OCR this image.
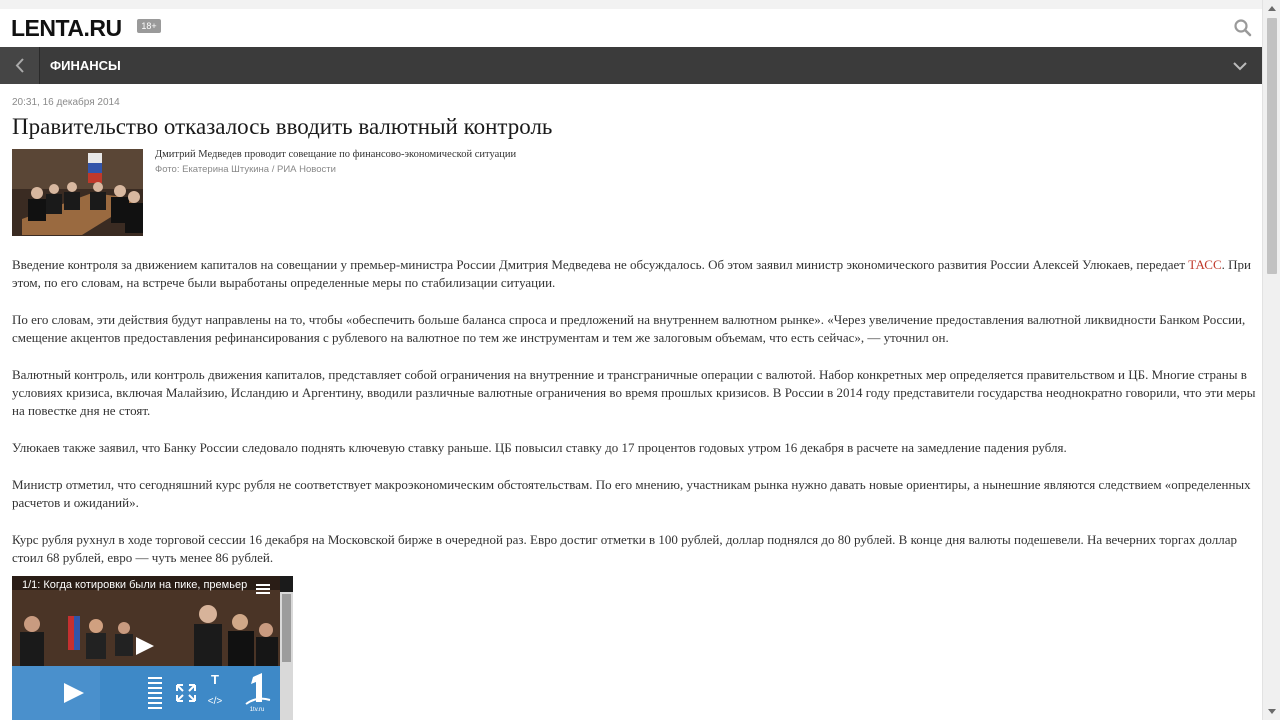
LENTA.RU	18+
ФИНАНСЫ
20:31, 16 декабря 2014
Правительство отказалось вводить валютный контроль
Дмитрий Медведев проводит совещание по финансово-экономической ситуации
Фото: Екатерина Штукина / РИА Новости

Введение контроля за движением капиталов на совещании у премьер-министра России Дмитрия Медведева не обсуждалось. Об этом заявил министр экономического развития России Алексей Улюкаев, передает ТАСС. При этом, по его словам, на встрече были выработаны определенные меры по стабилизации ситуации.

По его словам, эти действия будут направлены на то, чтобы «обеспечить больше баланса спроса и предложений на внутреннем валютном рынке». «Через увеличение предоставления валютной ликвидности Банком России, смещение акцентов предоставления рефинансирования с рублевого на валютное по тем же инструментам и тем же залоговым объемам, что есть сейчас», — уточнил он.

Валютный контроль, или контроль движения капиталов, представляет собой ограничения на внутренние и трансграничные операции с валютой. Набор конкретных мер определяется правительством и ЦБ. Многие страны в условиях кризиса, включая Малайзию, Исландию и Аргентину, вводили различные валютные ограничения во время прошлых кризисов. В России в 2014 году представители государства неоднократно говорили, что эти меры на повестке дня не стоят.

Улюкаев также заявил, что Банку России следовало поднять ключевую ставку раньше. ЦБ повысил ставку до 17 процентов годовых утром 16 декабря в расчете на замедление падения рубля.

Министр отметил, что сегодняшний курс рубля не соответствует макроэкономическим обстоятельствам. По его мнению, участникам рынка нужно давать новые ориентиры, а нынешние являются следствием «определенных расчетов и ожиданий».

Курс рубля рухнул в ходе торговой сессии 16 декабря на Московской бирже в очередной раз. Евро достиг отметки в 100 рублей, доллар поднялся до 80 рублей. В конце дня валюты подешевели. На вечерних торгах доллар стоил 68 рублей, евро — чуть менее 86 рублей.

1/1: Когда котировки были на пике, премьер
T
</>
1tv.ru
